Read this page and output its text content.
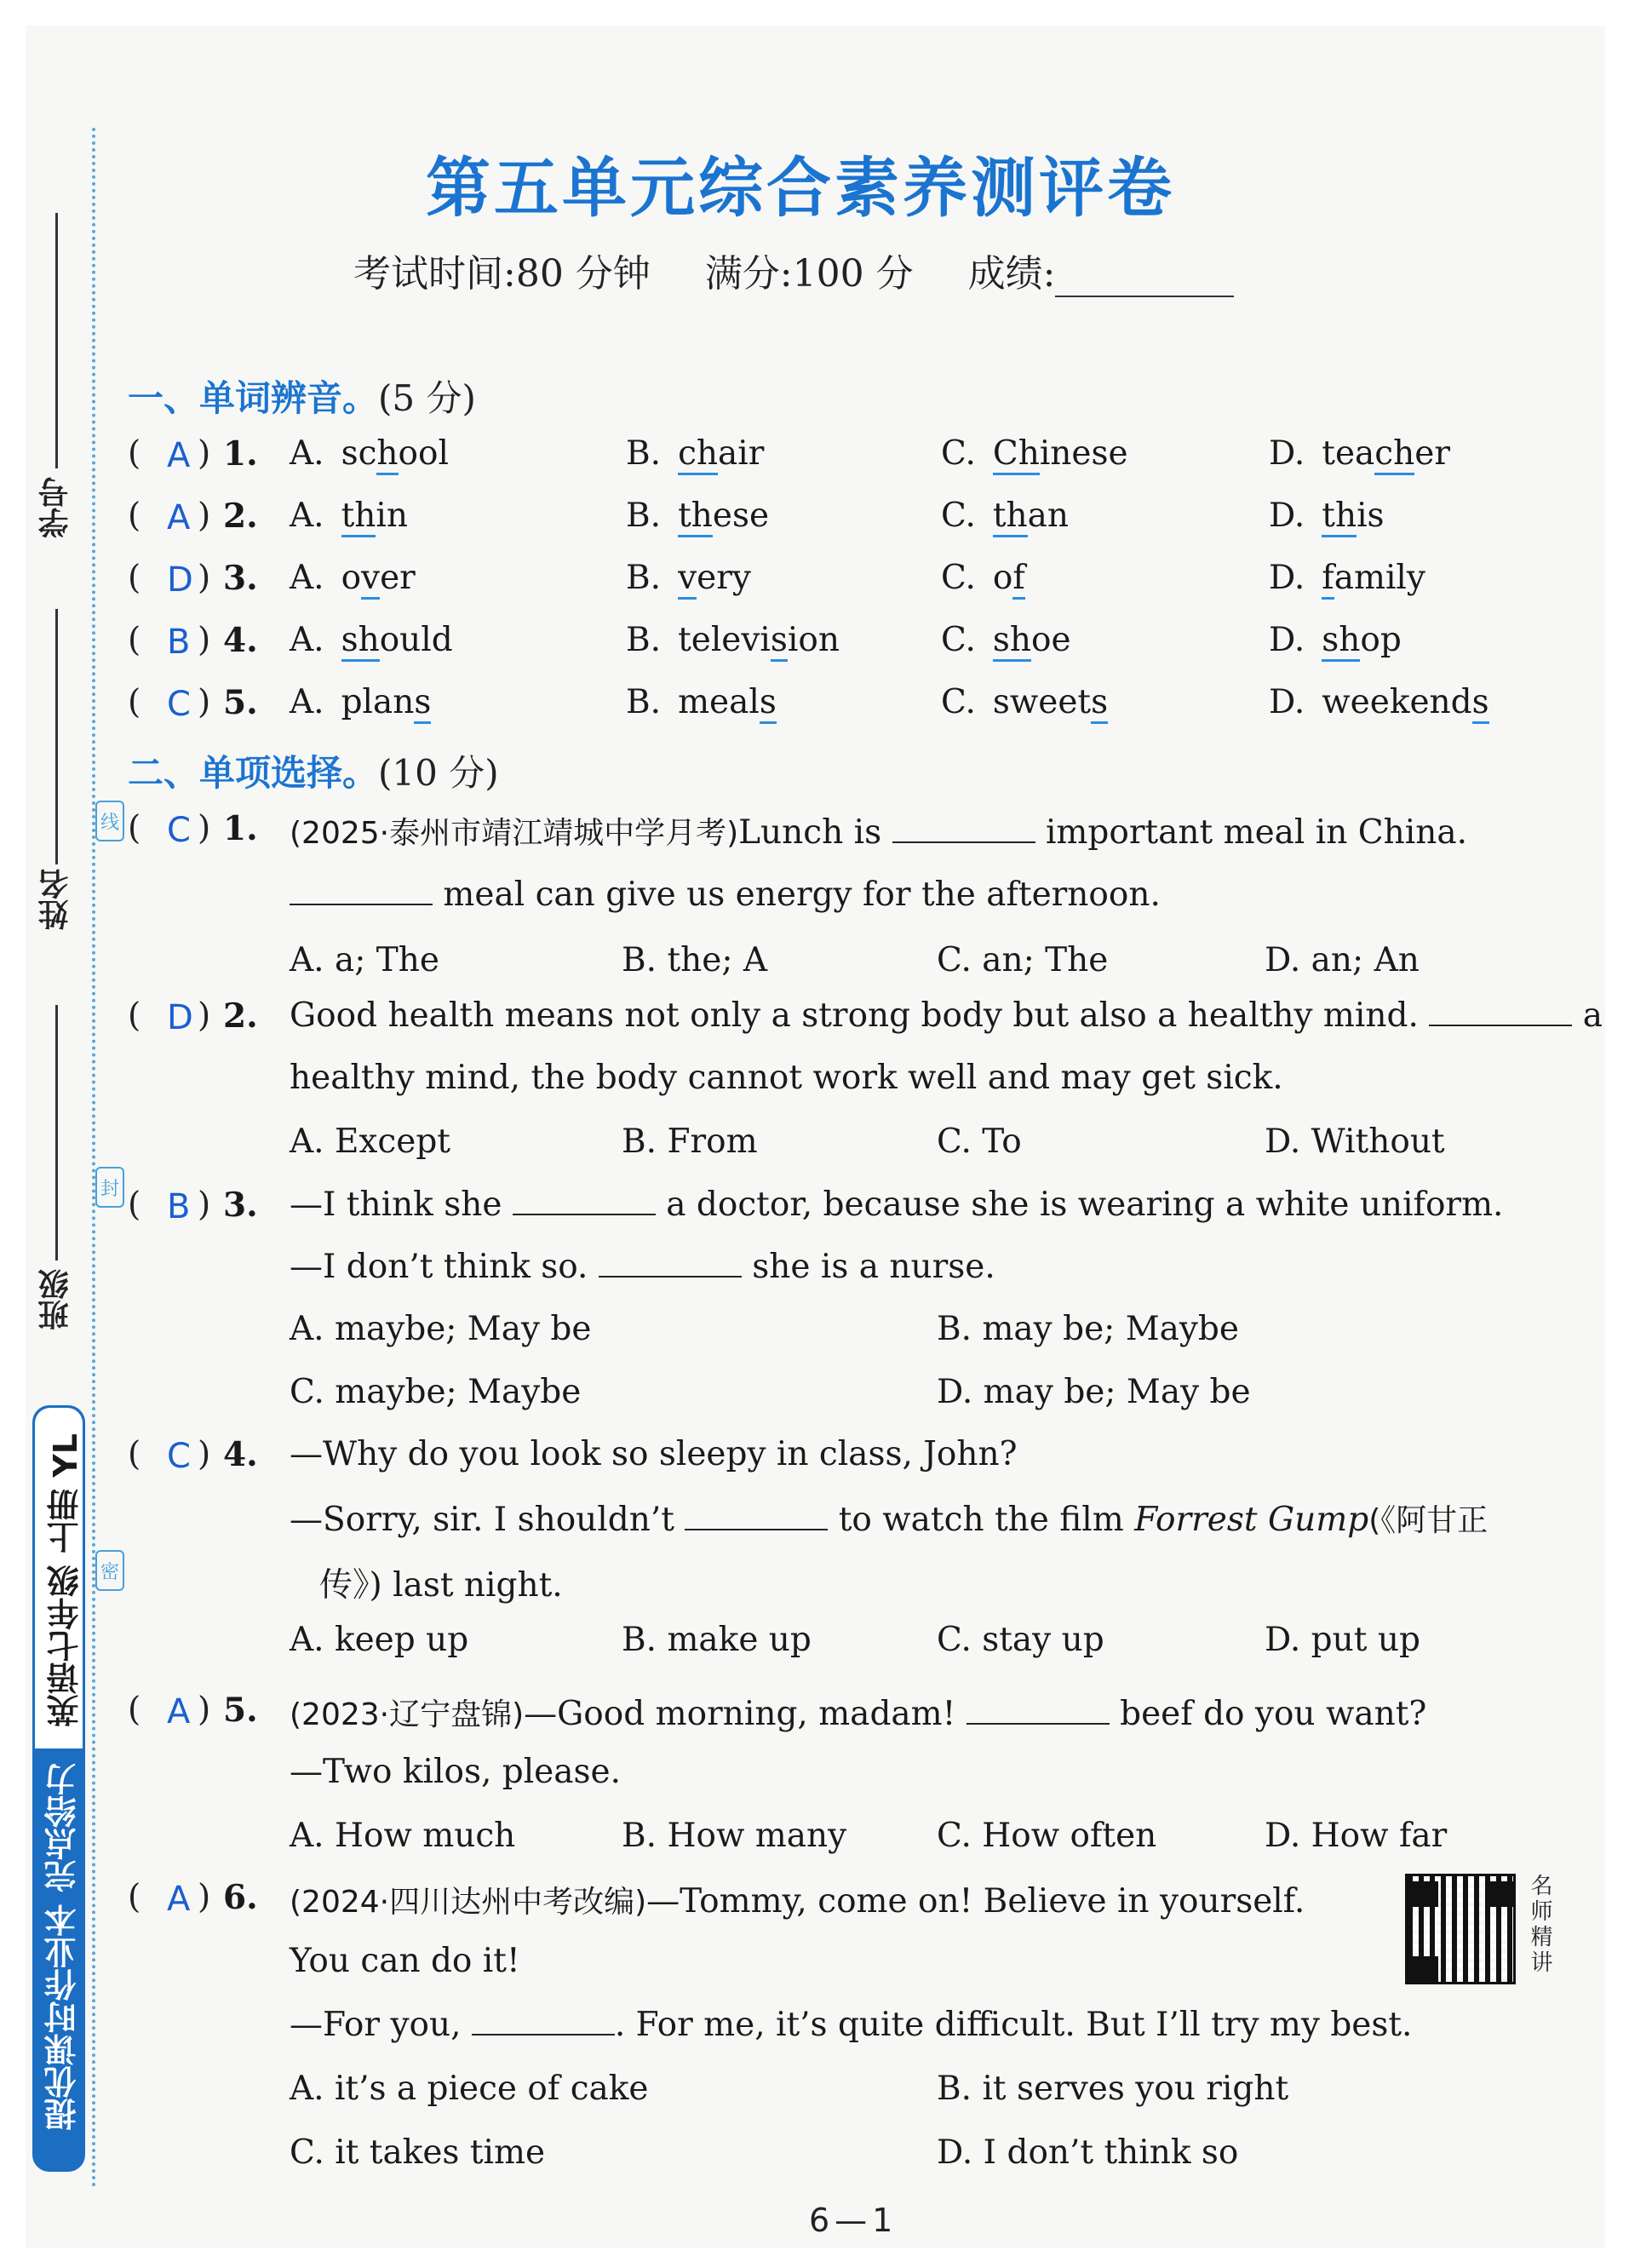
学号
姓名
班级
线
封
密
英语七年级 上册 YL
提优课时作业本 完点给力
第五单元综合素养测评卷
考试时间:80 分钟 满分:100 分 成绩:
一、单词辨音。(5 分)
( A ) 1. A. school	B. chair	C. Chinese	D. teacher
( A ) 2. A. thin	B. these	C. than	D. this
( D ) 3. A. over	B. very	C. of	D. family
( B ) 4. A. should	B. television	C. shoe	D. shop
( C ) 5. A. plans	B. meals	C. sweets	D. weekends
二、单项选择。(10 分)
( C ) 1. (2025·泰州市靖江靖城中学月考)Lunch is	important meal in China.
meal can give us energy for the afternoon.
A. a; The	B. the; A	C. an; The	D. an; An
( D ) 2. Good health means not only a strong body but also a healthy mind.	a
healthy mind, the body cannot work well and may get sick.
A. Except	B. From	C. To	D. Without
( B ) 3. —I think she	a doctor, because she is wearing a white uniform.
—I don’t think so.	she is a nurse.
A. maybe; May be	B. may be; Maybe
C. maybe; Maybe	D. may be; May be
( C ) 4. —Why do you look so sleepy in class, John?
—Sorry, sir. I shouldn’t	to watch the film Forrest Gump(《阿甘正
传》) last night.
A. keep up	B. make up	C. stay up	D. put up
( A ) 5. (2023·辽宁盘锦)—Good morning, madam!	beef do you want?
—Two kilos, please.
A. How much	B. How many	C. How often	D. How far
( A ) 6. (2024·四川达州中考改编)—Tommy, come on! Believe in yourself.
You can do it!
—For you,	. For me, it’s quite difficult. But I’ll try my best.
A. it’s a piece of cake	B. it serves you right
C. it takes time	D. I don’t think so
名师精讲
6—1
